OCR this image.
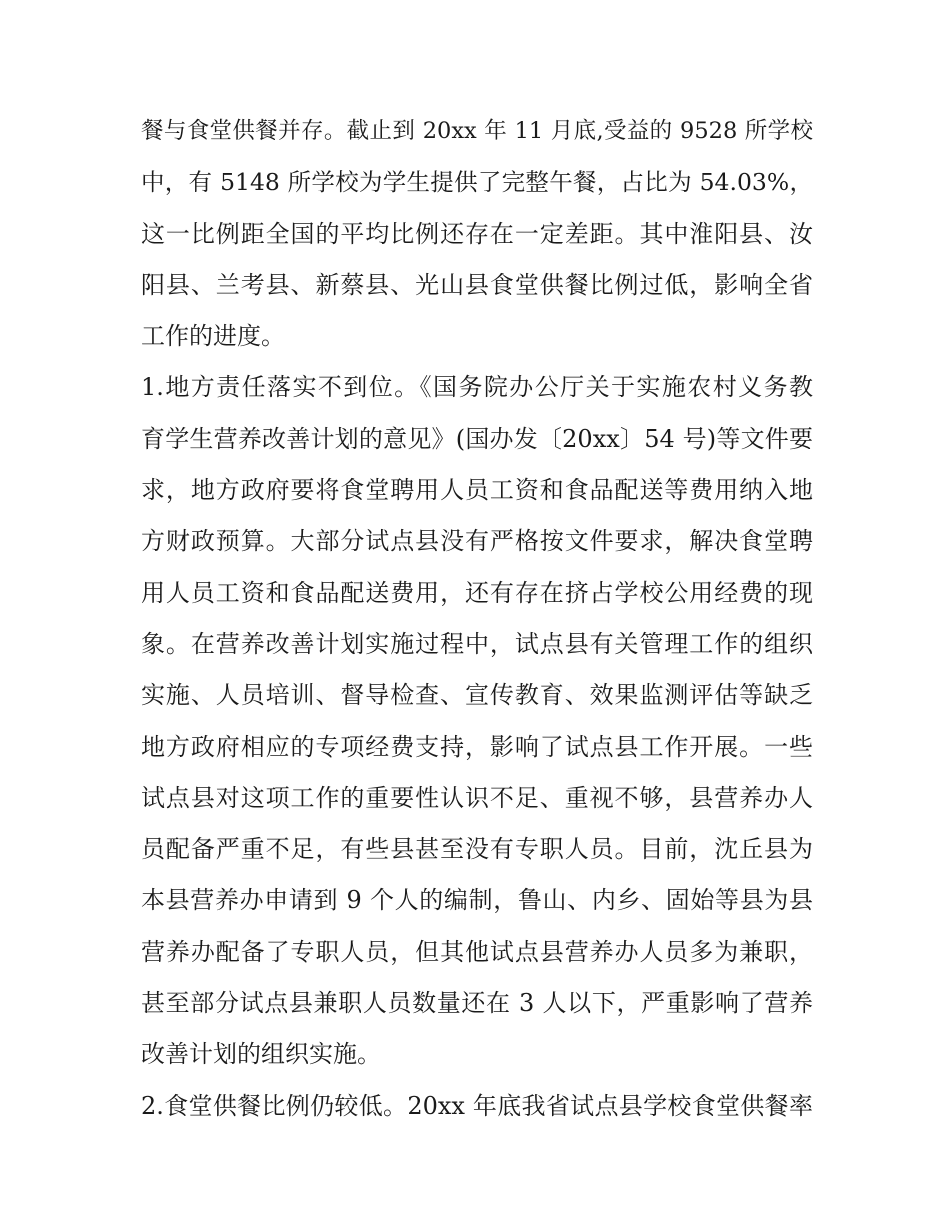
餐与食堂供餐并存。截止到 20xx 年 11 月底,受益的 9528 所学校
中，有 5148 所学校为学生提供了完整午餐，占比为 54.03%，
这一比例距全国的平均比例还存在一定差距。其中淮阳县、汝
阳县、兰考县、新蔡县、光山县食堂供餐比例过低，影响全省
工作的进度。
1.地方责任落实不到位。《国务院办公厅关于实施农村义务教
育学生营养改善计划的意见》(国办发〔20xx〕54 号)等文件要
求，地方政府要将食堂聘用人员工资和食品配送等费用纳入地
方财政预算。大部分试点县没有严格按文件要求，解决食堂聘
用人员工资和食品配送费用，还有存在挤占学校公用经费的现
象。在营养改善计划实施过程中，试点县有关管理工作的组织
实施、人员培训、督导检查、宣传教育、效果监测评估等缺乏
地方政府相应的专项经费支持，影响了试点县工作开展。一些
试点县对这项工作的重要性认识不足、重视不够，县营养办人
员配备严重不足，有些县甚至没有专职人员。目前，沈丘县为
本县营养办申请到 9 个人的编制，鲁山、内乡、固始等县为县
营养办配备了专职人员，但其他试点县营养办人员多为兼职，
甚至部分试点县兼职人员数量还在 3 人以下，严重影响了营养
改善计划的组织实施。
2.食堂供餐比例仍较低。20xx 年底我省试点县学校食堂供餐率
